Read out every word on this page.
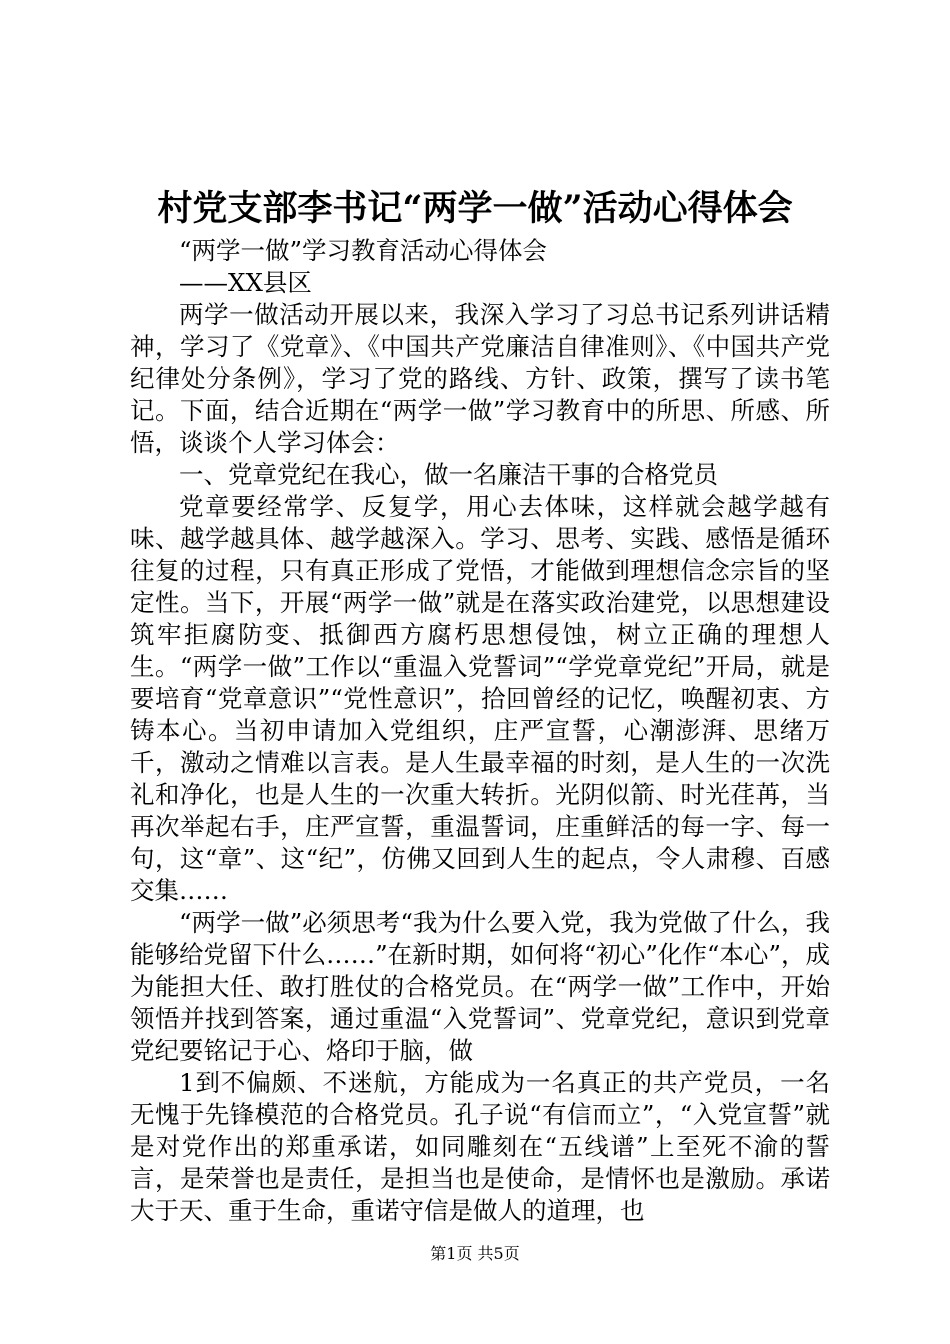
村党支部李书记“两学一做”活动心得体会

“两学一做”学习教育活动心得体会

——XX县区

两学一做活动开展以来，我深入学习了习总书记系列讲话精神，学习了《党章》、《中国共产党廉洁自律准则》、《中国共产党纪律处分条例》，学习了党的路线、方针、政策，撰写了读书笔记。下面，结合近期在“两学一做”学习教育中的所思、所感、所悟，谈谈个人学习体会：

一、党章党纪在我心，做一名廉洁干事的合格党员

党章要经常学、反复学，用心去体味，这样就会越学越有味、越学越具体、越学越深入。学习、思考、实践、感悟是循环往复的过程，只有真正形成了党悟，才能做到理想信念宗旨的坚定性。当下，开展“两学一做”就是在落实政治建党，以思想建设筑牢拒腐防变、抵御西方腐朽思想侵蚀，树立正确的理想人生。“两学一做”工作以“重温入党誓词”“学党章党纪”开局，就是要培育“党章意识”“党性意识”，拾回曾经的记忆，唤醒初衷、方铸本心。当初申请加入党组织，庄严宣誓，心潮澎湃、思绪万千，激动之情难以言表。是人生最幸福的时刻，是人生的一次洗礼和净化，也是人生的一次重大转折。光阴似箭、时光荏苒，当再次举起右手，庄严宣誓，重温誓词，庄重鲜活的每一字、每一句，这“章”、这“纪”，仿佛又回到人生的起点，令人肃穆、百感交集……

“两学一做”必须思考“我为什么要入党，我为党做了什么，我能够给党留下什么……”在新时期，如何将“初心”化作“本心”，成为能担大任、敢打胜仗的合格党员。在“两学一做”工作中，开始领悟并找到答案，通过重温“入党誓词”、党章党纪，意识到党章党纪要铭记于心、烙印于脑，做

1到不偏颇、不迷航，方能成为一名真正的共产党员，一名无愧于先锋模范的合格党员。孔子说“有信而立”，“入党宣誓”就是对党作出的郑重承诺，如同雕刻在“五线谱”上至死不渝的誓言，是荣誉也是责任，是担当也是使命，是情怀也是激励。承诺大于天、重于生命，重诺守信是做人的道理，也

第1页 共5页
